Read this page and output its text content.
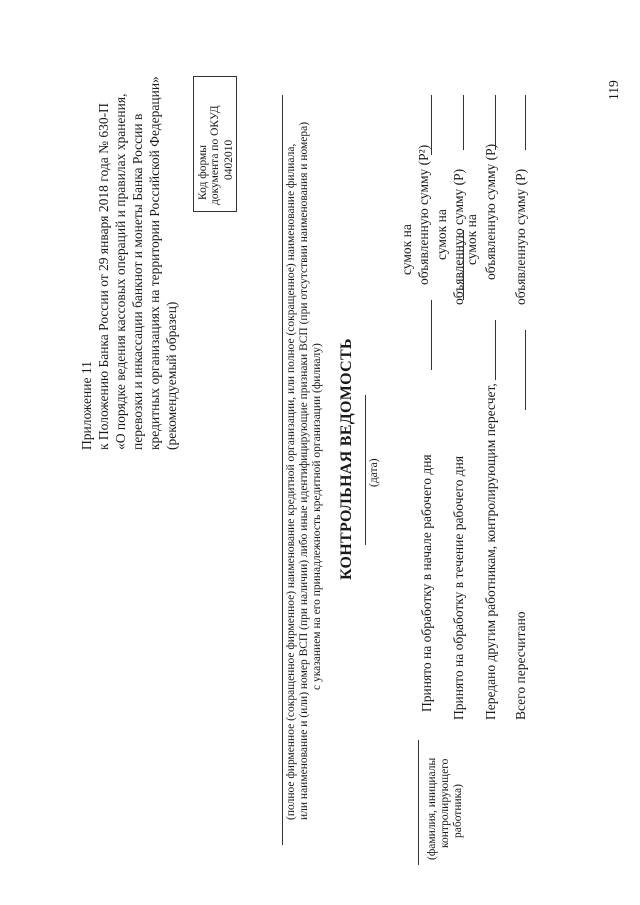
119
Приложение 11 к Положению Банка России от 29 января 2018 года № 630-П «О порядке ведения кассовых операций и правилах хранения, перевозки и инкассации банкнот и монеты Банка России в кредитных организациях на территории Российской Федерации» (рекомендуемый образец)
Код формы документа по ОКУД 0402010	(полное фирменное (сокращенное фирменное) наименование кредитной организации, или полное (сокращенное) наименование филиала, или наименование и (или) номер ВСП (при наличии) либо иные идентифицирующие признаки ВСП (при отсутствии наименования и номера) с указанием на его принадлежность кредитной организации (филиалу) КОНТРОЛЬНАЯ ВЕДОМОСТЬ (дата)
(фамилия, инициалы контролирующего работника)
Принято на обработку в начале рабочего дня
сумок на объявленную сумму (Р²)
Принято на обработку в течение рабочего дня
сумок на объявленную сумму (Р)
Передано другим работникам, контролирующим пересчет,
сумок на объявленную сумму (Р)
Всего пересчитано
объявленную сумму (Р)
